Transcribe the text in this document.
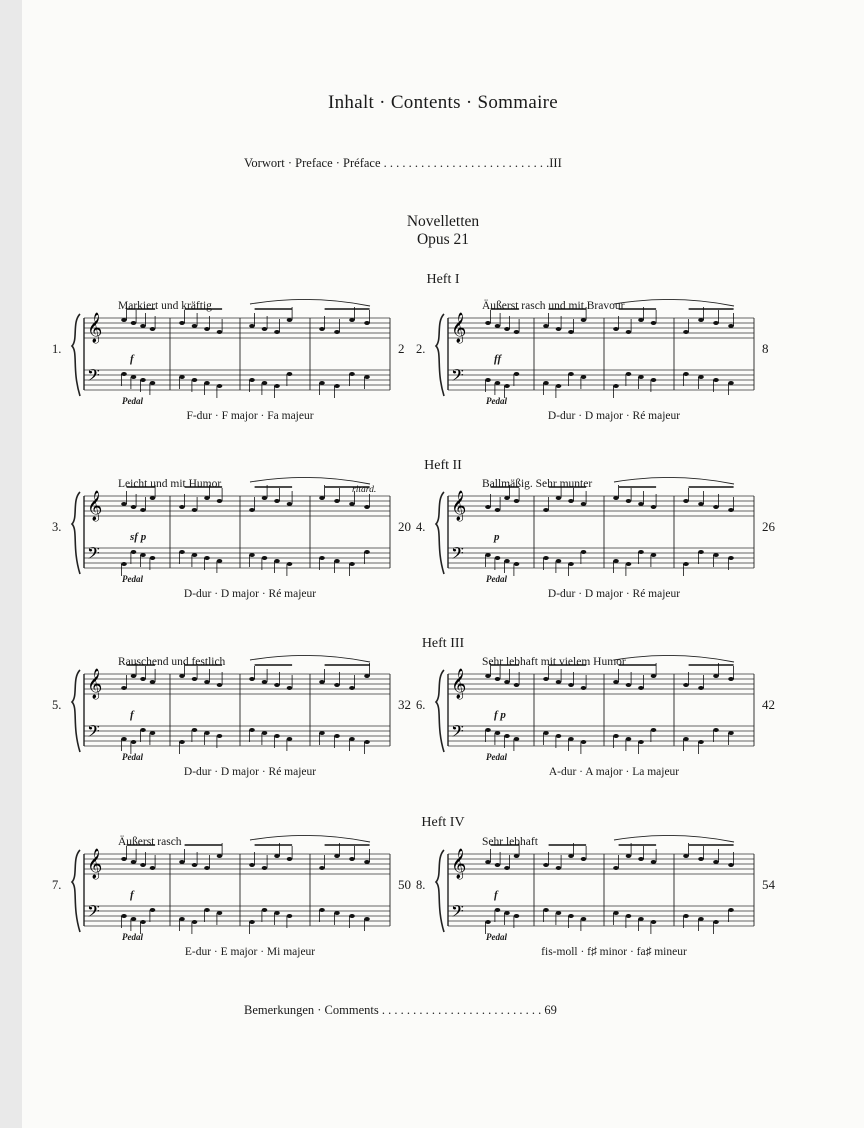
Inhalt · Contents · Sommaire
Vorwort · Preface · Préface . . . . . . . . . . . . . . . . . . . . . . . . . . .III
Novelletten
Opus 21
Heft I
Heft II
Heft III
Heft IV
Markiert und kräftig
1.	2
F-dur · F major · Fa majeur
𝄞
𝄢
f
Pedal
Äußerst rasch und mit Bravour
2.	8
D-dur · D major · Ré majeur
𝄞
𝄢
ff
Pedal
Leicht und mit Humor
3.	20
D-dur · D major · Ré majeur
𝄞
𝄢
sf p
Pedal
ritard.	Ballmäßig. Sehr munter
4.	26
D-dur · D major · Ré majeur
𝄞
𝄢
p
Pedal
Rauschend und festlich
5.	32
D-dur · D major · Ré majeur
𝄞
𝄢
f
Pedal
Sehr lebhaft mit vielem Humor
6.	42
A-dur · A major · La majeur
𝄞
𝄢
f p
Pedal
Äußerst rasch
7.	50
E-dur · E major · Mi majeur
𝄞
𝄢
f
Pedal
Sehr lebhaft
8.	54
fis-moll · f♯ minor · fa♯ mineur
𝄞
𝄢
f
Pedal
Bemerkungen · Comments . . . . . . . . . . . . . . . . . . . . . . . . . . 69
